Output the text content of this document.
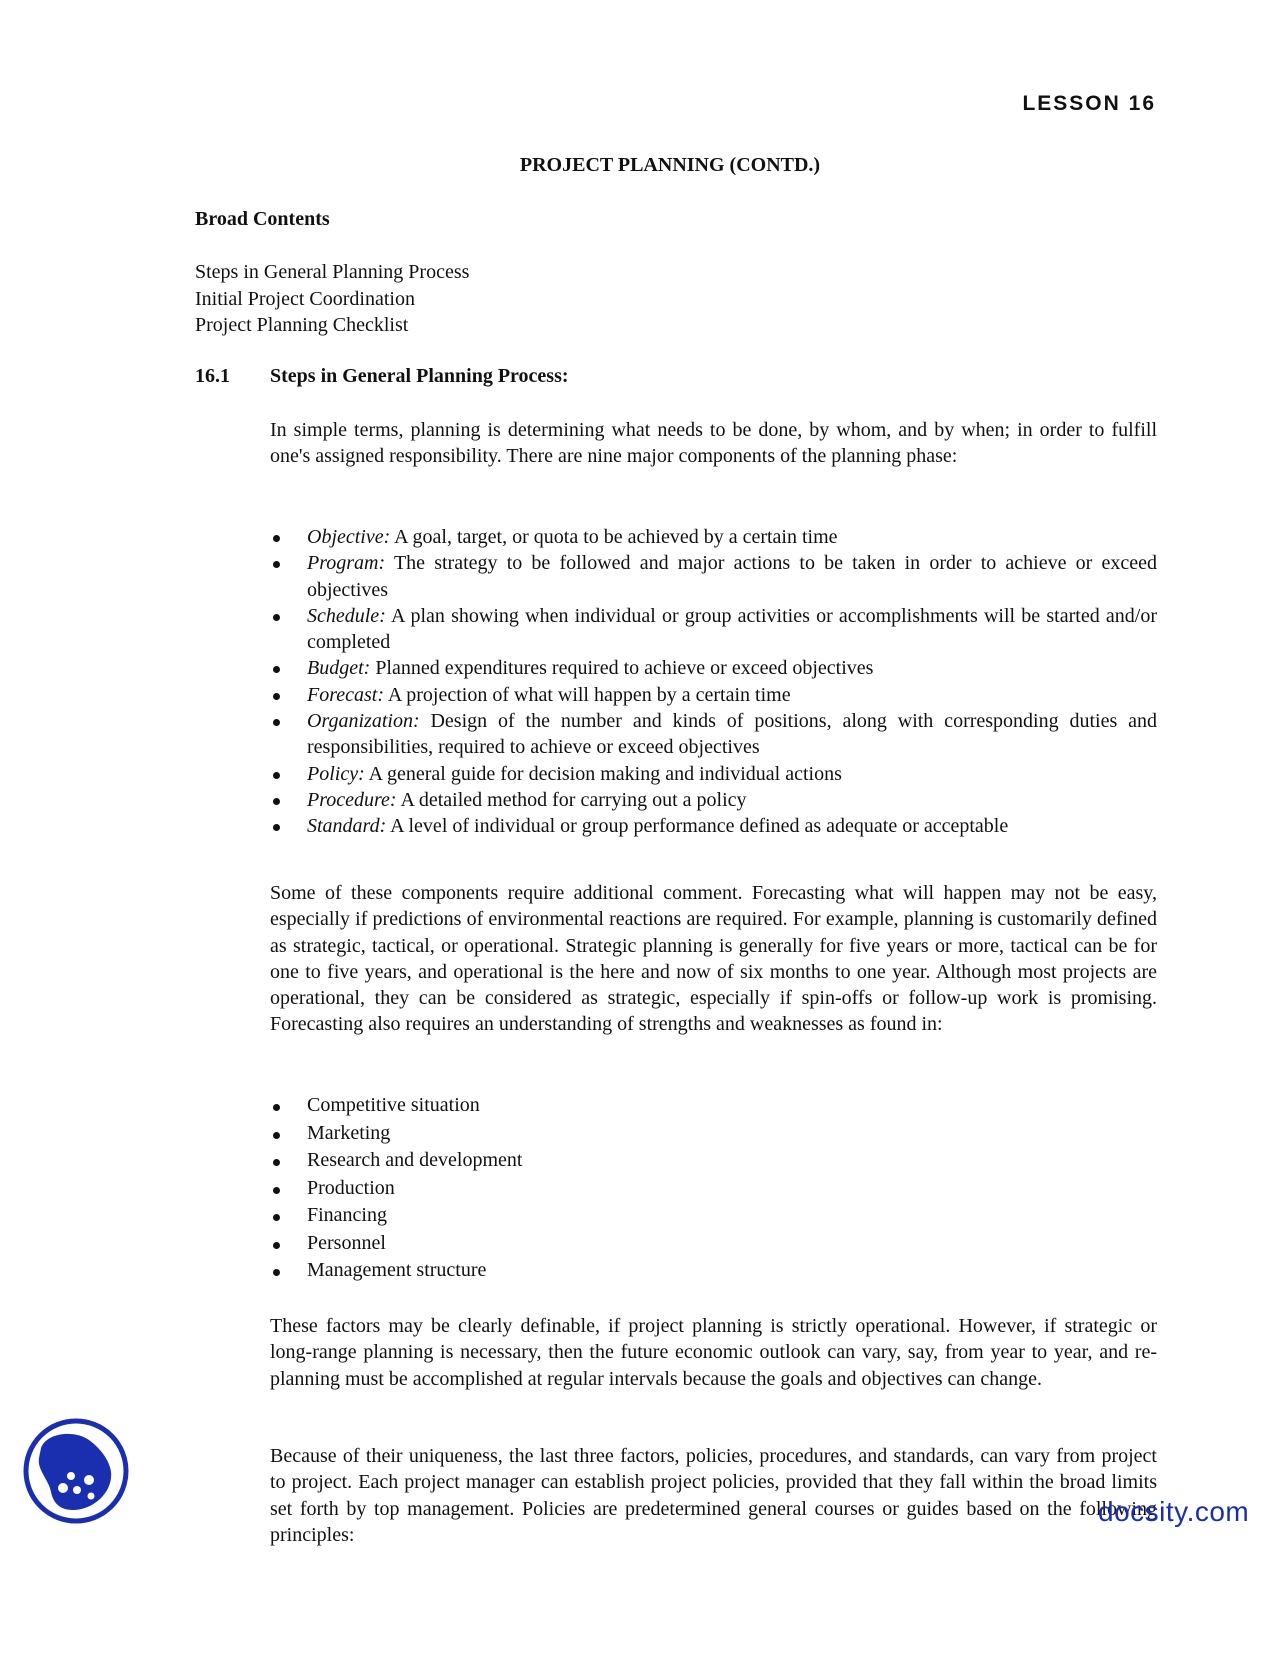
LESSON 16
PROJECT PLANNING (CONTD.)
Broad Contents
Steps in General Planning Process
Initial Project Coordination
Project Planning Checklist
16.1 Steps in General Planning Process:
In simple terms, planning is determining what needs to be done, by whom, and by when; in order to fulfill one's assigned responsibility. There are nine major components of the planning phase:
Objective: A goal, target, or quota to be achieved by a certain time
Program: The strategy to be followed and major actions to be taken in order to achieve or exceed objectives
Schedule: A plan showing when individual or group activities or accomplishments will be started and/or completed
Budget: Planned expenditures required to achieve or exceed objectives
Forecast: A projection of what will happen by a certain time
Organization: Design of the number and kinds of positions, along with corresponding duties and responsibilities, required to achieve or exceed objectives
Policy: A general guide for decision making and individual actions
Procedure: A detailed method for carrying out a policy
Standard: A level of individual or group performance defined as adequate or acceptable
Some of these components require additional comment. Forecasting what will happen may not be easy, especially if predictions of environmental reactions are required. For example, planning is customarily defined as strategic, tactical, or operational. Strategic planning is generally for five years or more, tactical can be for one to five years, and operational is the here and now of six months to one year. Although most projects are operational, they can be considered as strategic, especially if spin-offs or follow-up work is promising. Forecasting also requires an understanding of strengths and weaknesses as found in:
Competitive situation
Marketing
Research and development
Production
Financing
Personnel
Management structure
These factors may be clearly definable, if project planning is strictly operational. However, if strategic or long-range planning is necessary, then the future economic outlook can vary, say, from year to year, and re-planning must be accomplished at regular intervals because the goals and objectives can change.
Because of their uniqueness, the last three factors, policies, procedures, and standards, can vary from project to project. Each project manager can establish project policies, provided that they fall within the broad limits set forth by top management. Policies are predetermined general courses or guides based on the following principles:
docsity.com
